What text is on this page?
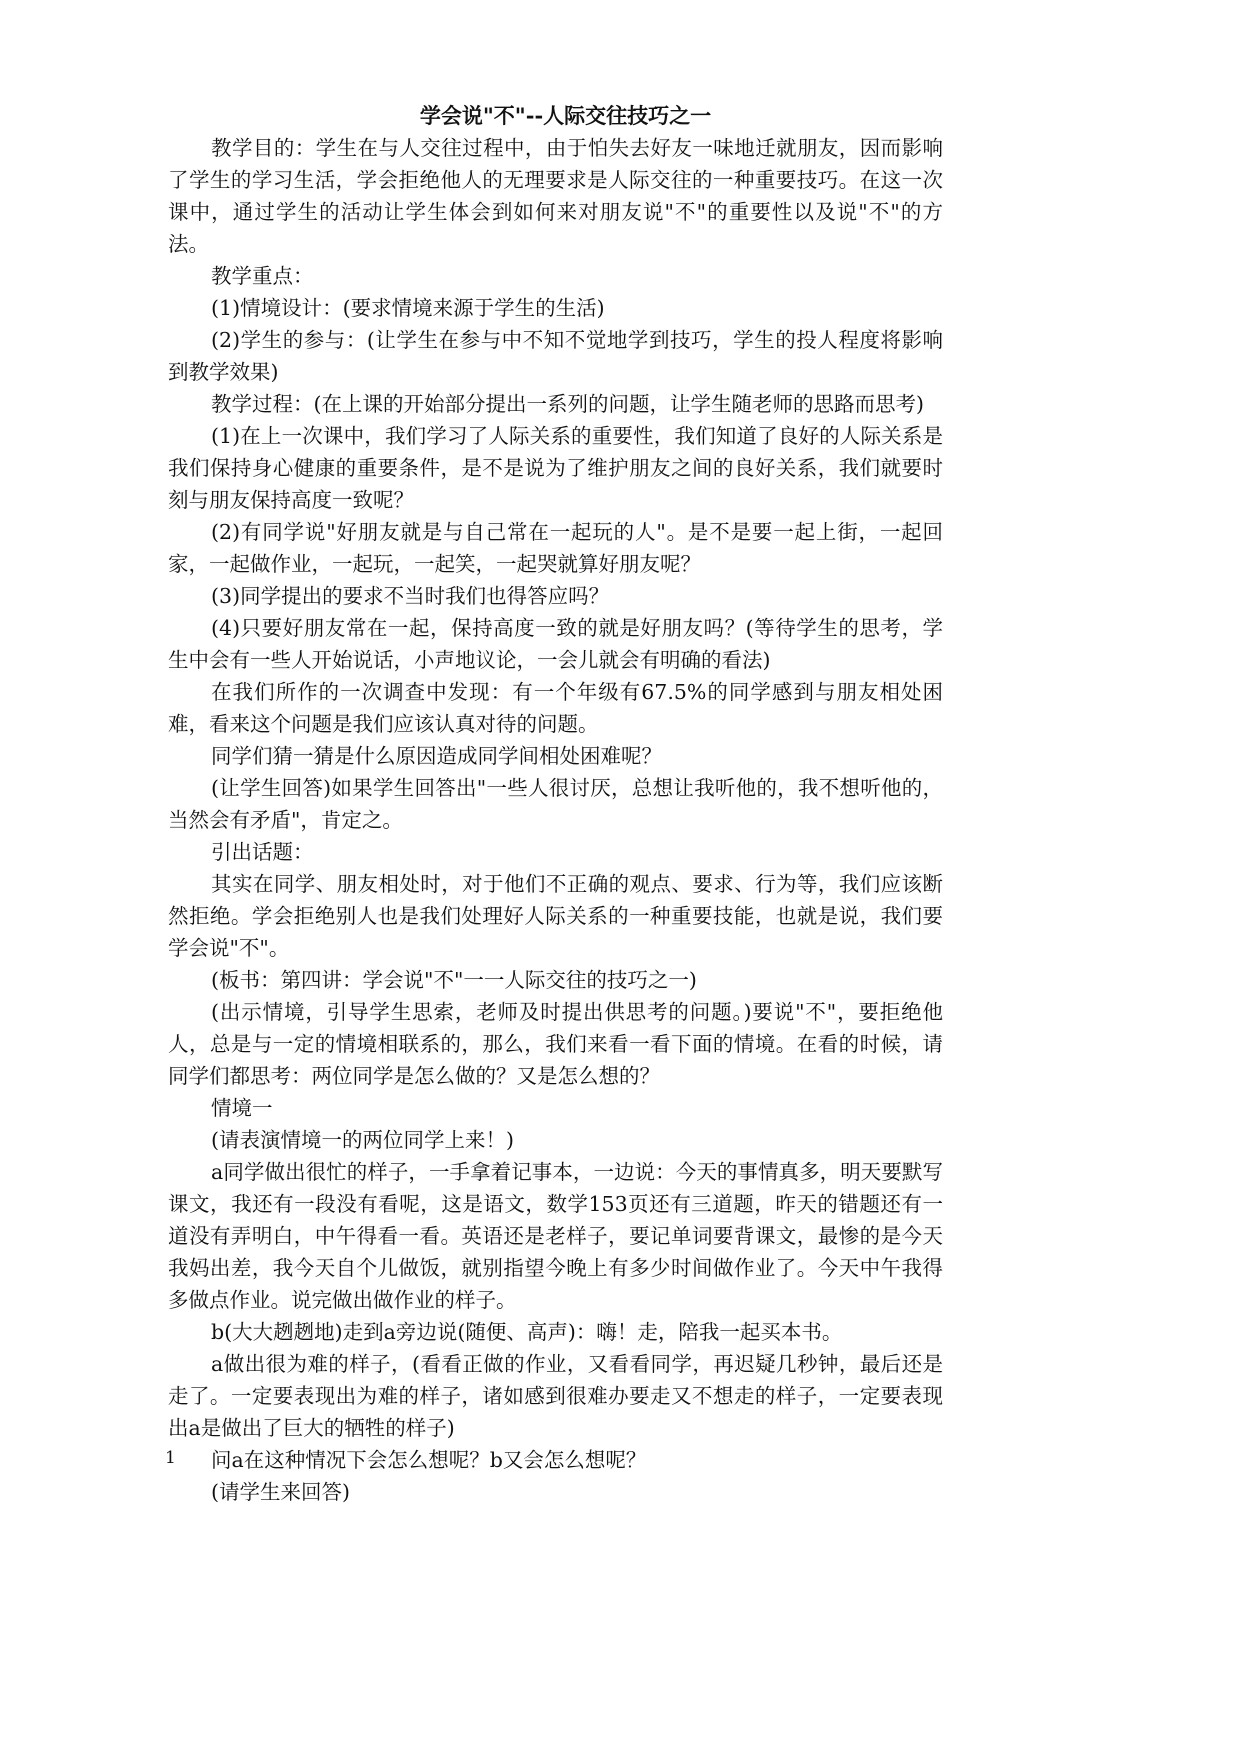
学会说"不"--人际交往技巧之一

教学目的：学生在与人交往过程中，由于怕失去好友一味地迁就朋友，因而影响了学生的学习生活，学会拒绝他人的无理要求是人际交往的一种重要技巧。在这一次课中，通过学生的活动让学生体会到如何来对朋友说"不"的重要性以及说"不"的方法。

教学重点：

(1)情境设计：(要求情境来源于学生的生活)

(2)学生的参与：(让学生在参与中不知不觉地学到技巧，学生的投人程度将影响到教学效果)

教学过程：(在上课的开始部分提出一系列的问题，让学生随老师的思路而思考)

(1)在上一次课中，我们学习了人际关系的重要性，我们知道了良好的人际关系是我们保持身心健康的重要条件，是不是说为了维护朋友之间的良好关系，我们就要时刻与朋友保持高度一致呢？

(2)有同学说"好朋友就是与自己常在一起玩的人"。是不是要一起上街，一起回家，一起做作业，一起玩，一起笑，一起哭就算好朋友呢？

(3)同学提出的要求不当时我们也得答应吗？

(4)只要好朋友常在一起，保持高度一致的就是好朋友吗？(等待学生的思考，学生中会有一些人开始说话，小声地议论，一会儿就会有明确的看法)

在我们所作的一次调查中发现：有一个年级有67.5%的同学感到与朋友相处困难，看来这个问题是我们应该认真对待的问题。

同学们猜一猜是什么原因造成同学间相处困难呢？

(让学生回答)如果学生回答出"一些人很讨厌，总想让我听他的，我不想听他的，当然会有矛盾"，肯定之。

引出话题：

其实在同学、朋友相处时，对于他们不正确的观点、要求、行为等，我们应该断然拒绝。学会拒绝别人也是我们处理好人际关系的一种重要技能，也就是说，我们要学会说"不"。

(板书：第四讲：学会说"不"一一人际交往的技巧之一)

(出示情境，引导学生思索，老师及时提出供思考的问题。)要说"不"，要拒绝他人，总是与一定的情境相联系的，那么，我们来看一看下面的情境。在看的时候，请同学们都思考：两位同学是怎么做的？又是怎么想的？

情境一

(请表演情境一的两位同学上来！)

a同学做出很忙的样子，一手拿着记事本，一边说：今天的事情真多，明天要默写课文，我还有一段没有看呢，这是语文，数学153页还有三道题，昨天的错题还有一道没有弄明白，中午得看一看。英语还是老样子，要记单词要背课文，最惨的是今天我妈出差，我今天自个儿做饭，就别指望今晚上有多少时间做作业了。今天中午我得多做点作业。说完做出做作业的样子。

b(大大趔趔地)走到a旁边说(随便、高声)：嗨！走，陪我一起买本书。

a做出很为难的样子，(看看正做的作业，又看看同学，再迟疑几秒钟，最后还是走了。一定要表现出为难的样子，诸如感到很难办要走又不想走的样子，一定要表现出a是做出了巨大的牺牲的样子)

问a在这种情况下会怎么想呢？b又会怎么想呢？

(请学生来回答)

1
